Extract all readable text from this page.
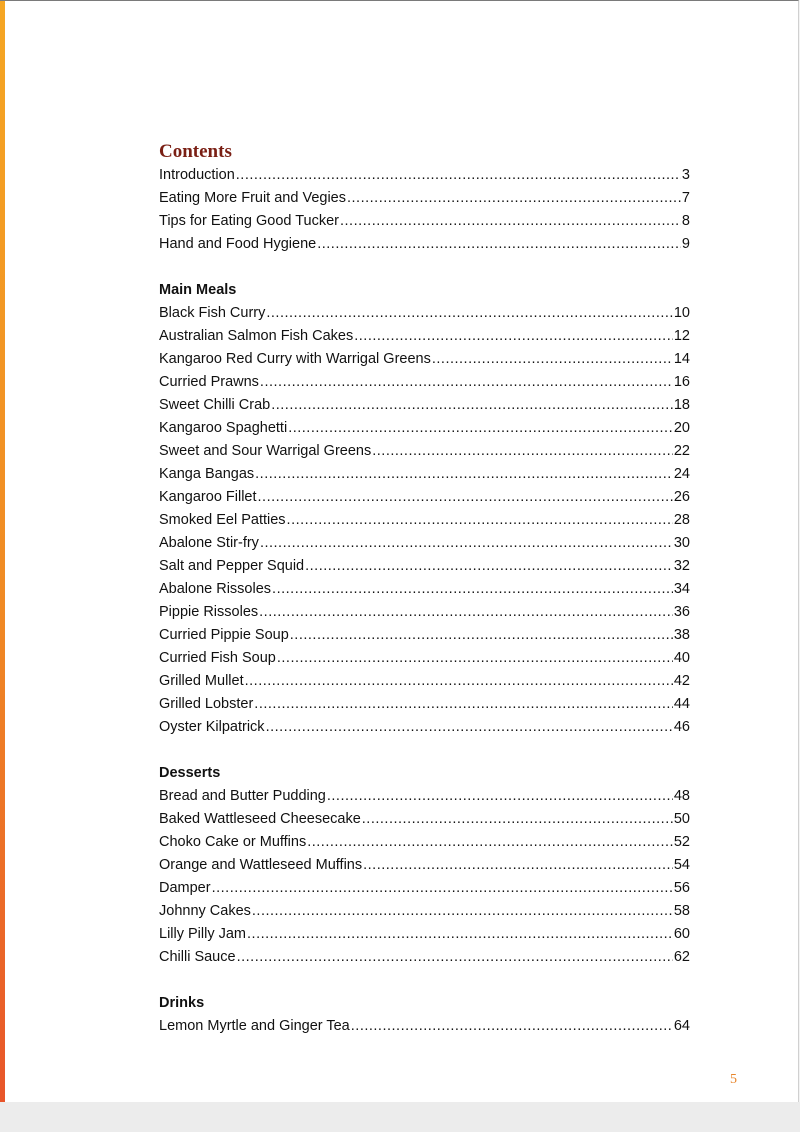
Contents
Introduction .....	3
Eating More Fruit and Vegies .....	7
Tips for Eating Good Tucker .....	8
Hand and Food Hygiene .....	9
Main Meals
Black Fish Curry .....	10
Australian Salmon Fish Cakes .....	12
Kangaroo Red Curry with Warrigal Greens .....	14
Curried Prawns .....	16
Sweet Chilli Crab .....	18
Kangaroo Spaghetti .....	20
Sweet and Sour Warrigal Greens .....	22
Kanga Bangas .....	24
Kangaroo Fillet .....	26
Smoked Eel Patties .....	28
Abalone Stir-fry .....	30
Salt and Pepper Squid .....	32
Abalone Rissoles .....	34
Pippie Rissoles .....	36
Curried Pippie Soup .....	38
Curried Fish Soup .....	40
Grilled Mullet .....	42
Grilled Lobster .....	44
Oyster Kilpatrick .....	46
Desserts
Bread and Butter Pudding .....	48
Baked Wattleseed Cheesecake .....	50
Choko Cake or Muffins .....	52
Orange and Wattleseed Muffins .....	54
Damper .....	56
Johnny Cakes .....	58
Lilly Pilly Jam .....	60
Chilli Sauce .....	62
Drinks
Lemon Myrtle and Ginger Tea .....	64
5
